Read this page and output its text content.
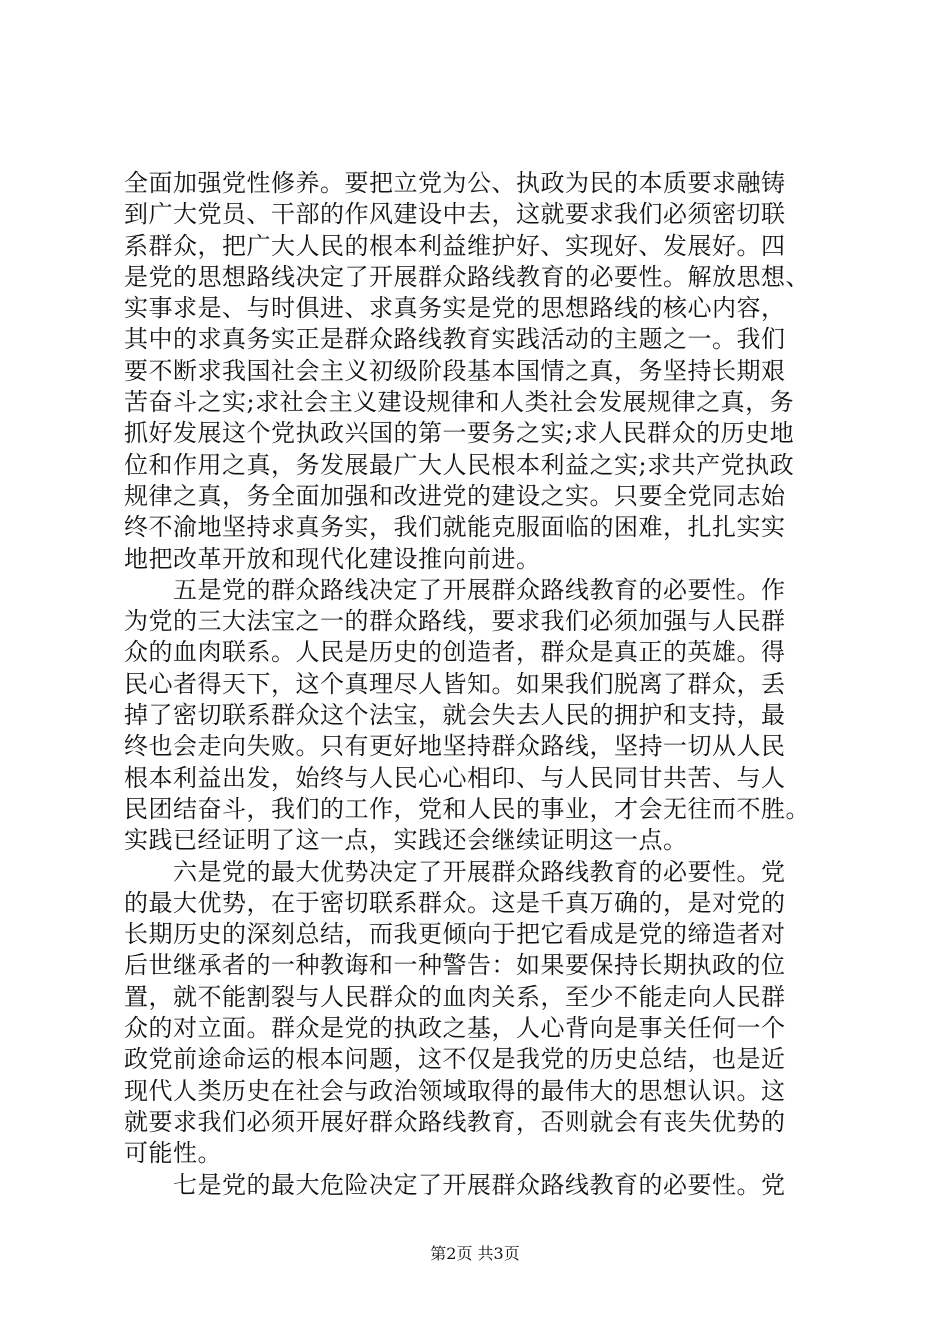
全面加强党性修养。要把立党为公、执政为民的本质要求融铸
到广大党员、干部的作风建设中去，这就要求我们必须密切联
系群众，把广大人民的根本利益维护好、实现好、发展好。四
是党的思想路线决定了开展群众路线教育的必要性。解放思想、
实事求是、与时俱进、求真务实是党的思想路线的核心内容，
其中的求真务实正是群众路线教育实践活动的主题之一。我们
要不断求我国社会主义初级阶段基本国情之真，务坚持长期艰
苦奋斗之实;求社会主义建设规律和人类社会发展规律之真，务
抓好发展这个党执政兴国的第一要务之实;求人民群众的历史地
位和作用之真，务发展最广大人民根本利益之实;求共产党执政
规律之真，务全面加强和改进党的建设之实。只要全党同志始
终不渝地坚持求真务实，我们就能克服面临的困难，扎扎实实
地把改革开放和现代化建设推向前进。
　　五是党的群众路线决定了开展群众路线教育的必要性。作
为党的三大法宝之一的群众路线，要求我们必须加强与人民群
众的血肉联系。人民是历史的创造者，群众是真正的英雄。得
民心者得天下，这个真理尽人皆知。如果我们脱离了群众，丢
掉了密切联系群众这个法宝，就会失去人民的拥护和支持，最
终也会走向失败。只有更好地坚持群众路线，坚持一切从人民
根本利益出发，始终与人民心心相印、与人民同甘共苦、与人
民团结奋斗，我们的工作，党和人民的事业，才会无往而不胜。
实践已经证明了这一点，实践还会继续证明这一点。
　　六是党的最大优势决定了开展群众路线教育的必要性。党
的最大优势，在于密切联系群众。这是千真万确的，是对党的
长期历史的深刻总结，而我更倾向于把它看成是党的缔造者对
后世继承者的一种教诲和一种警告：如果要保持长期执政的位
置，就不能割裂与人民群众的血肉关系，至少不能走向人民群
众的对立面。群众是党的执政之基，人心背向是事关任何一个
政党前途命运的根本问题，这不仅是我党的历史总结，也是近
现代人类历史在社会与政治领域取得的最伟大的思想认识。这
就要求我们必须开展好群众路线教育，否则就会有丧失优势的
可能性。
　　七是党的最大危险决定了开展群众路线教育的必要性。党
第2页 共3页
